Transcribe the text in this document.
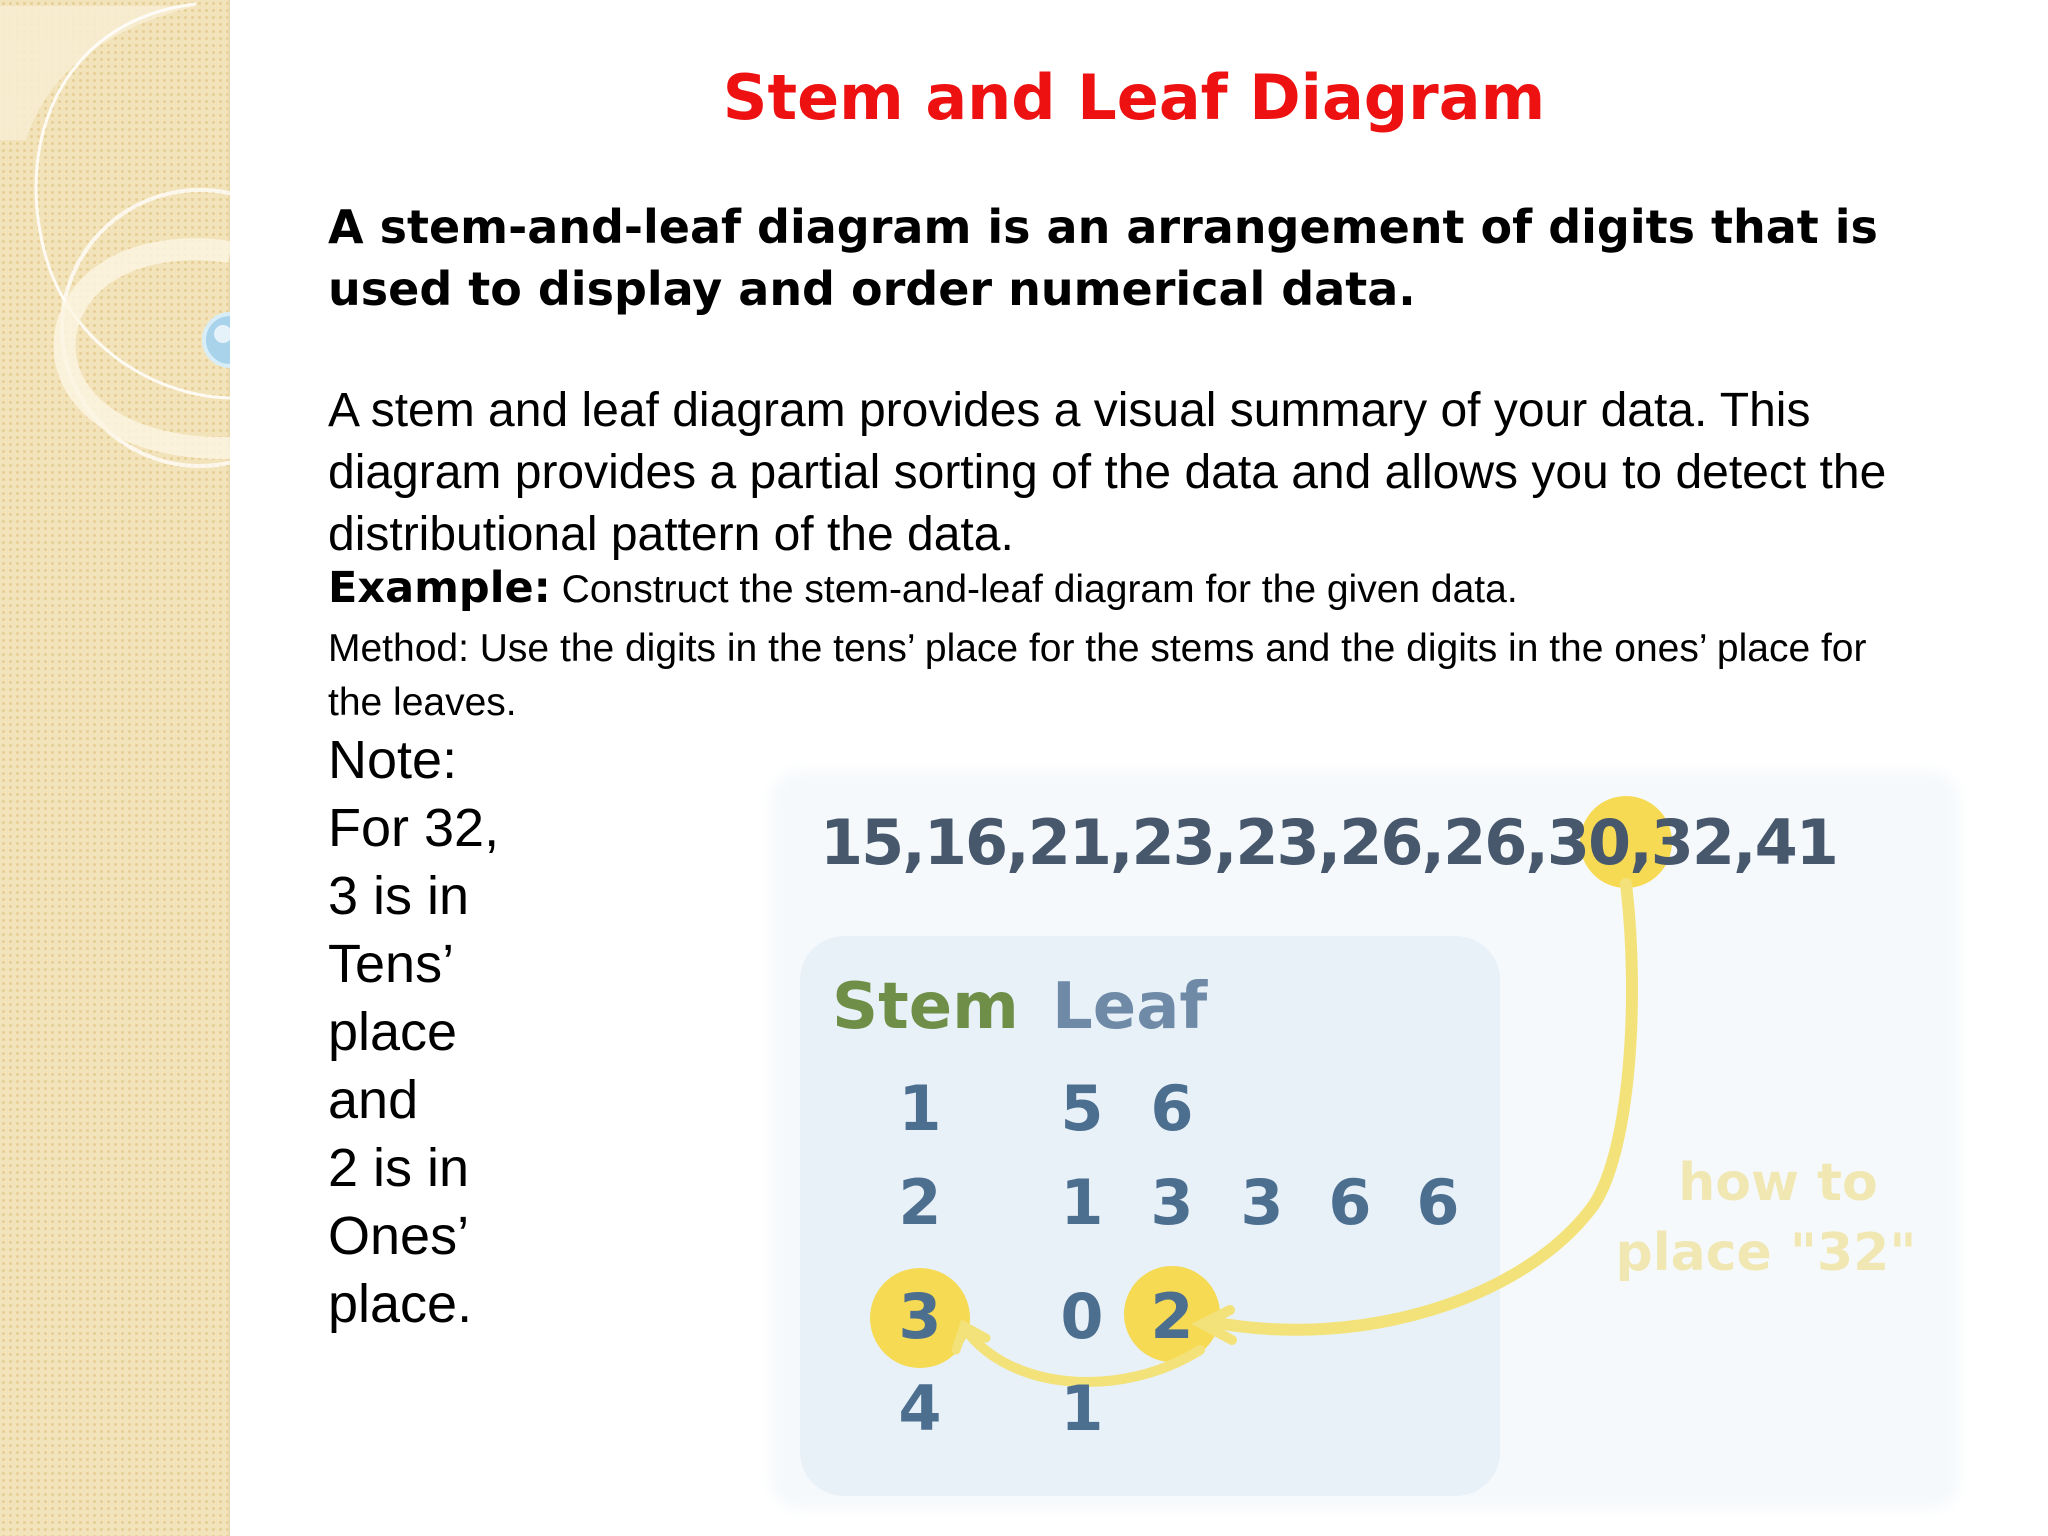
Stem and Leaf Diagram

A stem-and-leaf diagram is an arrangement of digits that is used to display and order numerical data.

A stem and leaf diagram provides a visual summary of your data. This diagram provides a partial sorting of the data and allows you to detect the distributional pattern of the data.

Example: Construct the stem-and-leaf diagram for the given data.

Method: Use the digits in the tens’ place for the stems and the digits in the ones’ place for the leaves.

Note:
For 32,
3 is in
Tens’
place
and
2 is in
Ones’
place.
15,16,21,23,23,26,26,30,32,41
Stem Leaf
1 5 6
2 1 3 3 6 6
3 0 2
4 1
how to
place "32"
